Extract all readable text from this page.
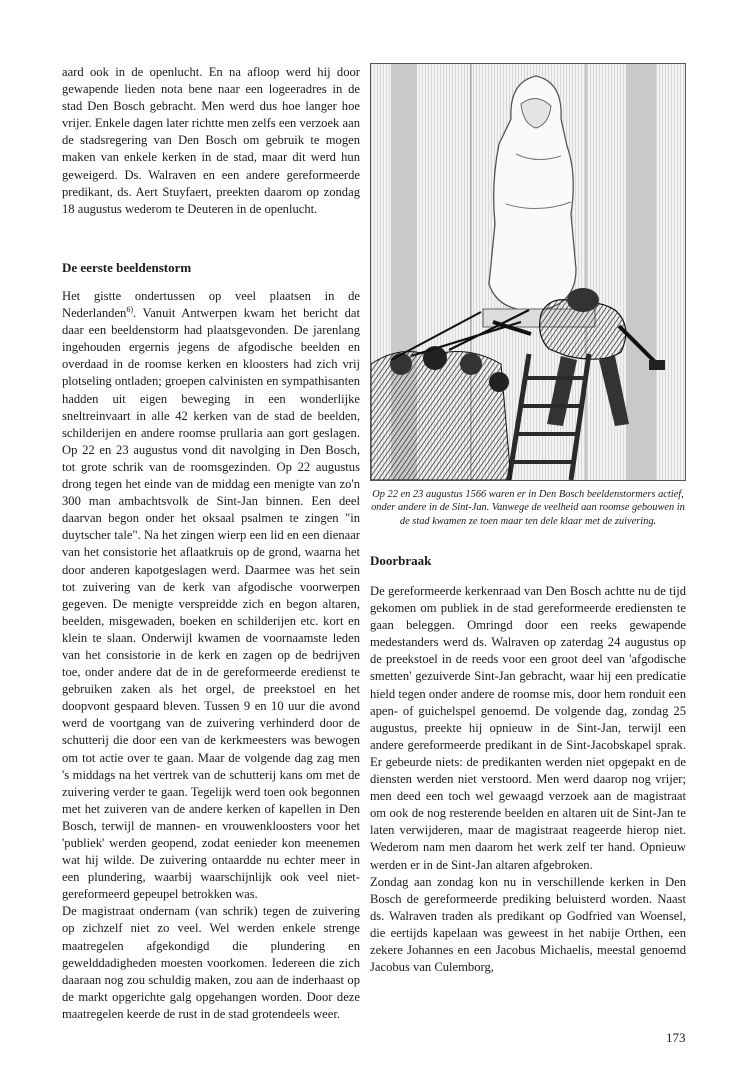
aard ook in de openlucht. En na afloop werd hij door gewapende lieden nota bene naar een logeeradres in de stad Den Bosch gebracht. Men werd dus hoe langer hoe vrijer. Enkele dagen later richtte men zelfs een verzoek aan de stadsregering van Den Bosch om gebruik te mogen maken van enkele kerken in de stad, maar dit werd hun geweigerd. Ds. Walraven en een andere gereformeerde predikant, ds. Aert Stuyfaert, preekten daarom op zondag 18 augustus wederom te Deuteren in de openlucht.

De eerste beeldenstorm

Het gistte ondertussen op veel plaatsen in de Nederlanden$^{6)}$. Vanuit Antwerpen kwam het bericht dat daar een beeldenstorm had plaatsgevonden. De jarenlang ingehouden ergernis jegens de afgodische beelden en overdaad in de roomse kerken en kloosters had zich vrij plotseling ontladen; groepen calvinisten en sympathisanten hadden uit eigen beweging in een wonderlijke sneltreinvaart in alle 42 kerken van de stad de beelden, schilderijen en andere roomse prullaria aan gort geslagen. Op 22 en 23 augustus vond dit navolging in Den Bosch, tot grote schrik van de roomsgezinden. Op 22 augustus drong tegen het einde van de middag een menigte van zo'n 300 man ambachtsvolk de Sint-Jan binnen. Een deel daarvan begon onder het oksaal psalmen te zingen "in duytscher tale". Na het zingen wierp een lid en een dienaar van het consistorie het aflaatkruis op de grond, waarna het door anderen kapotgeslagen werd. Daarmee was het sein tot zuivering van de kerk van afgodische voorwerpen gegeven. De menigte verspreidde zich en begon altaren, beelden, misgewaden, boeken en schilderijen etc. kort en klein te slaan. Onderwijl kwamen de voornaamste leden van het consistorie in de kerk en zagen op de bedrijven toe, onder andere dat de in de gereformeerde eredienst te gebruiken zaken als het orgel, de preekstoel en het doopvont gespaard bleven. Tussen 9 en 10 uur die avond werd de voortgang van de zuivering verhinderd door de schutterij die door een van de kerkmeesters was bewogen om tot actie over te gaan. Maar de volgende dag zag men 's middags na het vertrek van de schutterij kans om met de zuivering verder te gaan. Tegelijk werd toen ook begonnen met het zuiveren van de andere kerken of kapellen in Den Bosch, terwijl de mannen- en vrouwenkloosters voor het 'publiek' werden geopend, zodat eenieder kon meenemen wat hij wilde. De zuivering ontaardde nu echter meer in een plundering, waarbij waarschijnlijk ook veel niet-gereformeerd gepeupel betrokken was.

De magistraat ondernam (van schrik) tegen de zuivering op zichzelf niet zo veel. Wel werden enkele strenge maatregelen afgekondigd die plundering en gewelddadigheden moesten voorkomen. Iedereen die zich daaraan nog zou schuldig maken, zou aan de inderhaast op de markt opgerichte galg opgehangen worden. Door deze maatregelen keerde de rust in de stad grotendeels weer.

Op 22 en 23 augustus 1566 waren er in Den Bosch beeldenstormers actief, onder andere in de Sint-Jan. Vanwege de veelheid aan roomse gebouwen in de stad kwamen ze toen maar ten dele klaar met de zuivering.
Doorbraak

De gereformeerde kerkenraad van Den Bosch achtte nu de tijd gekomen om publiek in de stad gereformeerde erediensten te gaan beleggen. Omringd door een reeks gewapende medestanders werd ds. Walraven op zaterdag 24 augustus op de preekstoel in de reeds voor een groot deel van 'afgodische smetten' gezuiverde Sint-Jan gebracht, waar hij een predicatie hield tegen onder andere de roomse mis, door hem ronduit een apen- of guichelspel genoemd. De volgende dag, zondag 25 augustus, preekte hij opnieuw in de Sint-Jan, terwijl een andere gereformeerde predikant in de Sint-Jacobskapel sprak. Er gebeurde niets: de predikanten werden niet opgepakt en de diensten werden niet verstoord. Men werd daarop nog vrijer; men deed een toch wel gewaagd verzoek aan de magistraat om ook de nog resterende beelden en altaren uit de Sint-Jan te laten verwijderen, maar de magistraat reageerde hierop niet. Wederom nam men daarom het werk zelf ter hand. Opnieuw werden er in de Sint-Jan altaren afgebroken.

Zondag aan zondag kon nu in verschillende kerken in Den Bosch de gereformeerde prediking beluisterd worden. Naast ds. Walraven traden als predikant op Godfried van Woensel, die eertijds kapelaan was geweest in het nabije Orthen, een zekere Johannes en een Jacobus Michaelis, meestal genoemd Jacobus van Culemborg,

173
